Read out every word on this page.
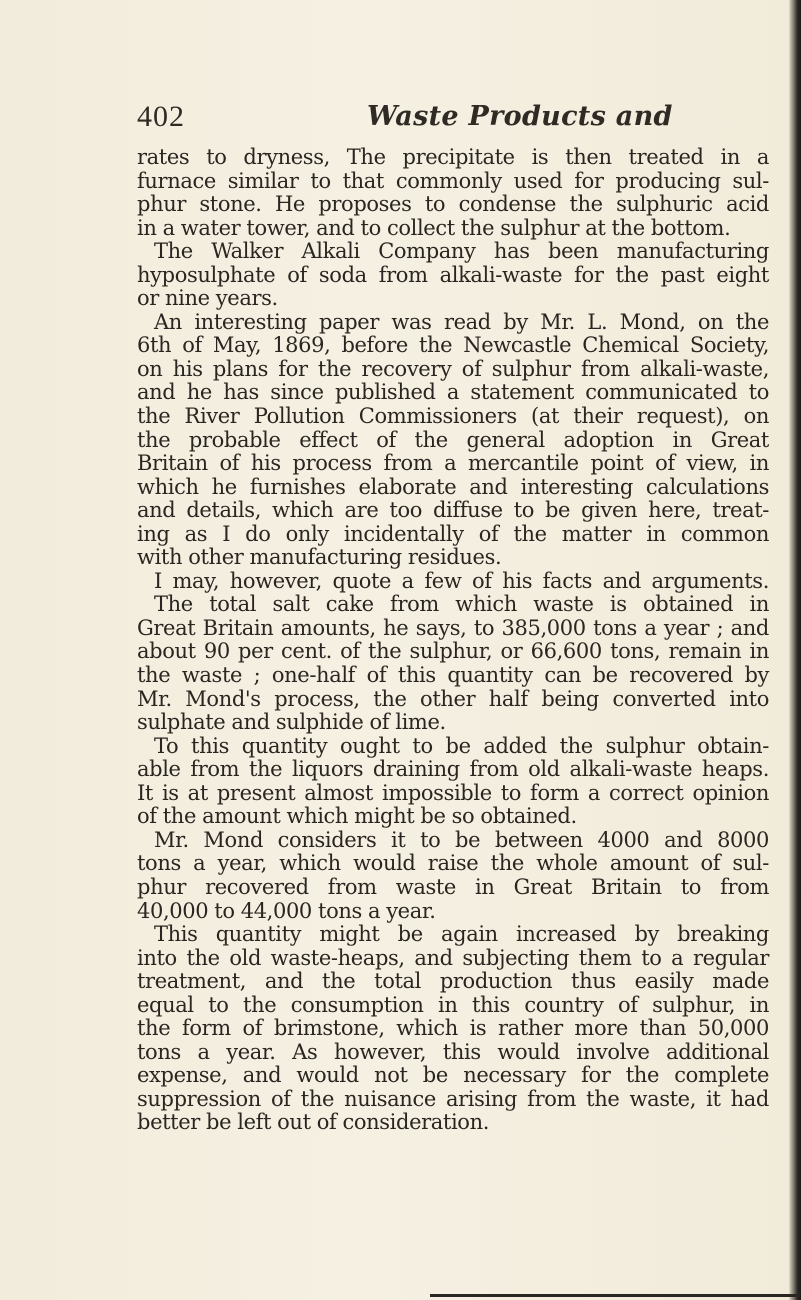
402	Waste Products and
rates to dryness, The precipitate is then treated in a
furnace similar to that commonly used for producing sul-
phur stone. He proposes to condense the sulphuric acid
in a water tower, and to collect the sulphur at the bottom.
The Walker Alkali Company has been manufacturing
hyposulphate of soda from alkali-waste for the past eight
or nine years.
An interesting paper was read by Mr. L. Mond, on the
6th of May, 1869, before the Newcastle Chemical Society,
on his plans for the recovery of sulphur from alkali-waste,
and he has since published a statement communicated to
the River Pollution Commissioners (at their request), on
the probable effect of the general adoption in Great
Britain of his process from a mercantile point of view, in
which he furnishes elaborate and interesting calculations
and details, which are too diffuse to be given here, treat-
ing as I do only incidentally of the matter in common
with other manufacturing residues.
I may, however, quote a few of his facts and arguments.
The total salt cake from which waste is obtained in
Great Britain amounts, he says, to 385,000 tons a year ; and
about 90 per cent. of the sulphur, or 66,600 tons, remain in
the waste ; one-half of this quantity can be recovered by
Mr. Mond's process, the other half being converted into
sulphate and sulphide of lime.
To this quantity ought to be added the sulphur obtain-
able from the liquors draining from old alkali-waste heaps.
It is at present almost impossible to form a correct opinion
of the amount which might be so obtained.
Mr. Mond considers it to be between 4000 and 8000
tons a year, which would raise the whole amount of sul-
phur recovered from waste in Great Britain to from
40,000 to 44,000 tons a year.
This quantity might be again increased by breaking
into the old waste-heaps, and subjecting them to a regular
treatment, and the total production thus easily made
equal to the consumption in this country of sulphur, in
the form of brimstone, which is rather more than 50,000
tons a year. As however, this would involve additional
expense, and would not be necessary for the complete
suppression of the nuisance arising from the waste, it had
better be left out of consideration.
